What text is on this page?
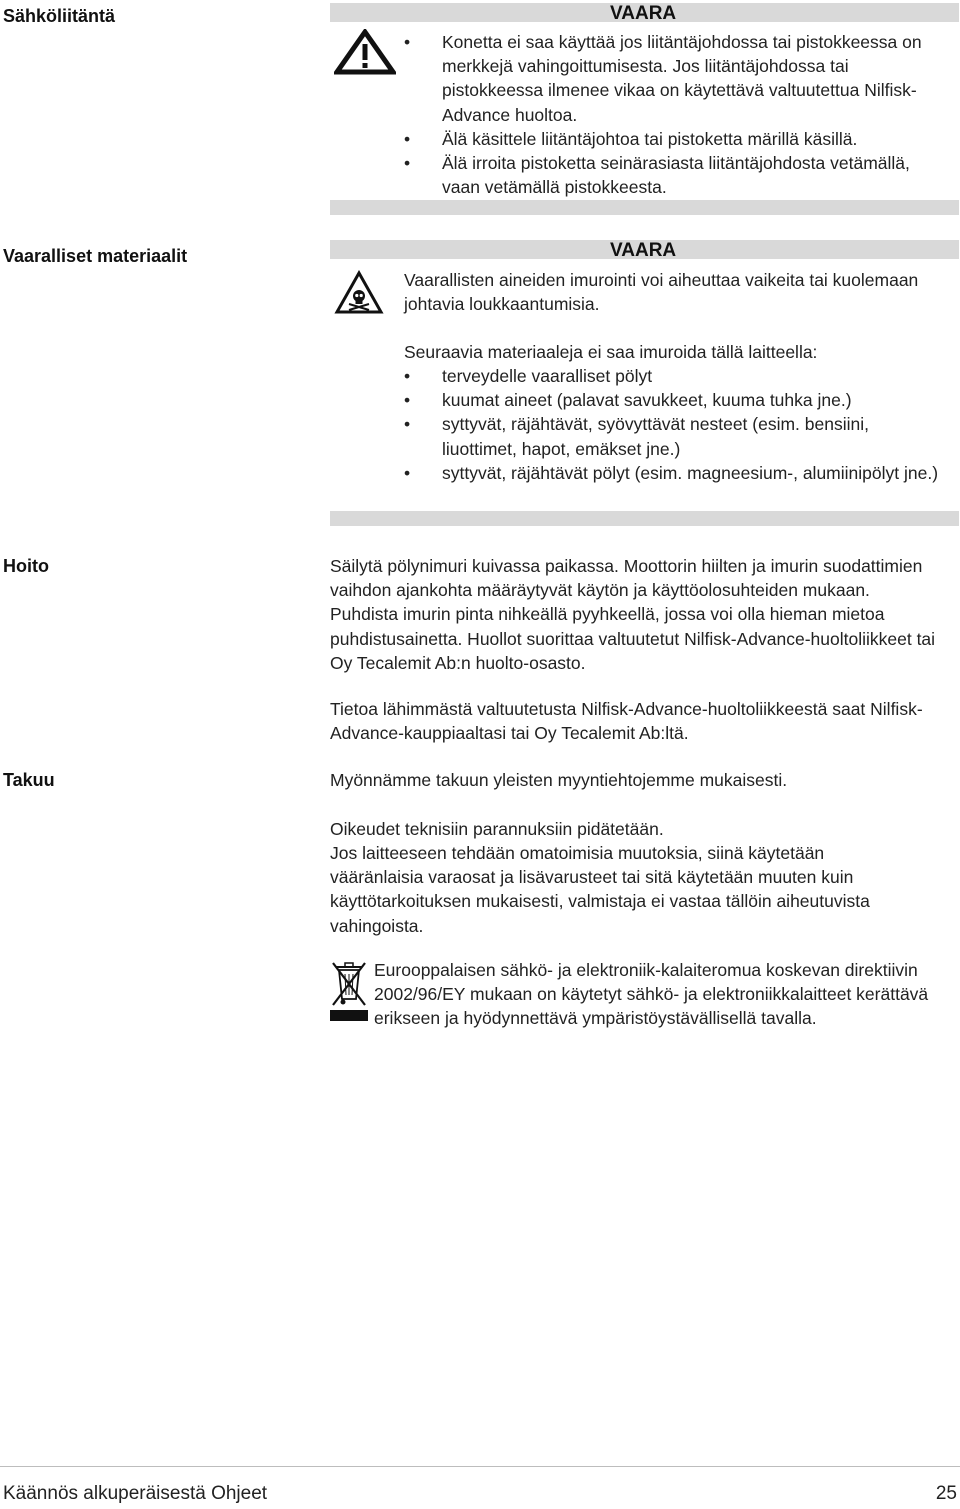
Sähköliitäntä	VAARA
• Konetta ei saa käyttää jos liitäntäjohdossa tai pistokkeessa on merkkejä vahingoittumisesta. Jos liitäntäjohdossa tai pistokkeessa ilmenee vikaa on käytettävä valtuutettua Nilfisk-Advance huoltoa.
• Älä käsittele liitäntäjohtoa tai pistoketta märillä käsillä.
• Älä irroita pistoketta seinärasiasta liitäntäjohdosta vetämällä, vaan vetämällä pistokkeesta.
Vaaralliset materiaalit	VAARA

Vaarallisten aineiden imurointi voi aiheuttaa vaikeita tai kuolemaan johtavia loukkaantumisia.

Seuraavia materiaaleja ei saa imuroida tällä laitteella:

• terveydelle vaaralliset pölyt
• kuumat aineet (palavat savukkeet, kuuma tuhka jne.)
• syttyvät, räjähtävät, syövyttävät nesteet (esim. bensiini, liuottimet, hapot, emäkset jne.)
• syttyvät, räjähtävät pölyt (esim. magneesium-, alumiinipölyt jne.)
Hoito	Säilytä pölynimuri kuivassa paikassa. Moottorin hiilten ja imurin suodattimien vaihdon ajankohta määräytyvät käytön ja käyttöolosuhteiden mukaan. Puhdista imurin pinta nihkeällä pyyhkeellä, jossa voi olla hieman mietoa puhdistusainetta. Huollot suorittaa valtuutetut Nilfisk-Advance-huoltoliikkeet tai Oy Tecalemit Ab:n huolto-osasto.

Tietoa lähimmästä valtuutetusta Nilfisk-Advance-huoltoliikkeestä saat Nilfisk-Advance-kauppiaaltasi tai Oy Tecalemit Ab:ltä.

Takuu	Myönnämme takuun yleisten myyntiehtojemme mukaisesti.

Oikeudet teknisiin parannuksiin pidätetään.

Jos laitteeseen tehdään omatoimisia muutoksia, siinä käytetään vääränlaisia varaosat ja lisävarusteet tai sitä käytetään muuten kuin käyttötarkoituksen mukaisesti, valmistaja ei vastaa tällöin aiheutuvista vahingoista.

Eurooppalaisen sähkö- ja elektroniik-kalaiteromua koskevan direktiivin 2002/96/EY mukaan on käytetyt sähkö- ja elektroniikkalaitteet kerättävä erikseen ja hyödynnettävä ympäristöystävällisellä tavalla.

Käännös alkuperäisestä Ohjeet	25
